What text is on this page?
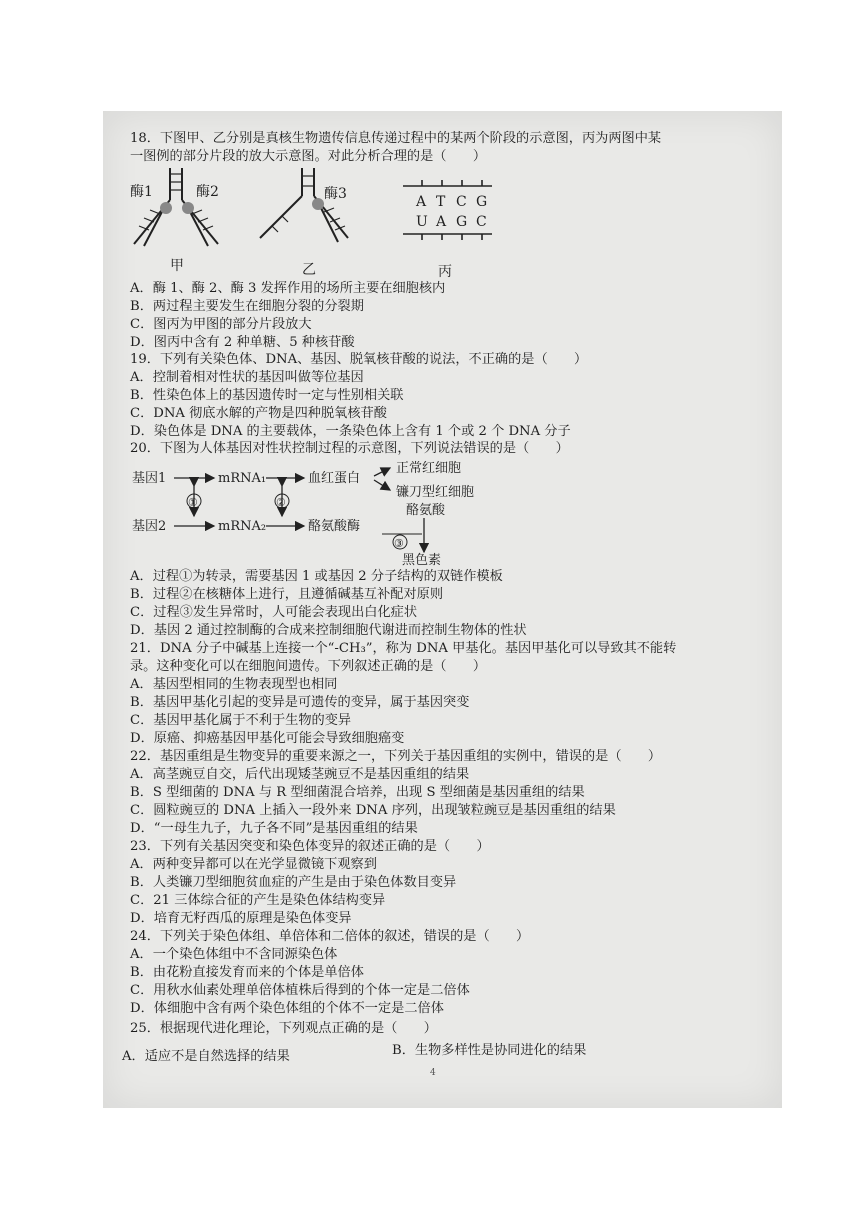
18．下图甲、乙分别是真核生物遗传信息传递过程中的某两个阶段的示意图，丙为两图中某
一图例的部分片段的放大示意图。对此分析合理的是（　　）
酶1	酶2
甲
酶3
乙
A T C G
U A G C
丙
A．酶 1、酶 2、酶 3 发挥作用的场所主要在细胞核内
B．两过程主要发生在细胞分裂的分裂期
C．图丙为甲图的部分片段放大
D．图丙中含有 2 种单糖、5 种核苷酸
19．下列有关染色体、DNA、基因、脱氧核苷酸的说法，不正确的是（　　）
A．控制着相对性状的基因叫做等位基因
B．性染色体上的基因遗传时一定与性别相关联
C．DNA 彻底水解的产物是四种脱氧核苷酸
D．染色体是 DNA 的主要载体，一条染色体上含有 1 个或 2 个 DNA 分子
20．下图为人体基因对性状控制过程的示意图，下列说法错误的是（　　）
基因1	mRNA₁	血红蛋白
正常红细胞
镰刀型红细胞
①	②
基因2	mRNA₂	酪氨酸酶
酪氨酸
③
黑色素
A．过程①为转录，需要基因 1 或基因 2 分子结构的双链作模板
B．过程②在核糖体上进行，且遵循碱基互补配对原则
C．过程③发生异常时，人可能会表现出白化症状
D．基因 2 通过控制酶的合成来控制细胞代谢进而控制生物体的性状
21．DNA 分子中碱基上连接一个“-CH₃”，称为 DNA 甲基化。基因甲基化可以导致其不能转
录。这种变化可以在细胞间遗传。下列叙述正确的是（　　）
A．基因型相同的生物表现型也相同
B．基因甲基化引起的变异是可遗传的变异，属于基因突变
C．基因甲基化属于不利于生物的变异
D．原癌、抑癌基因甲基化可能会导致细胞癌变
22．基因重组是生物变异的重要来源之一，下列关于基因重组的实例中，错误的是（　　）
A．高茎豌豆自交，后代出现矮茎豌豆不是基因重组的结果
B．S 型细菌的 DNA 与 R 型细菌混合培养，出现 S 型细菌是基因重组的结果
C．圆粒豌豆的 DNA 上插入一段外来 DNA 序列，出现皱粒豌豆是基因重组的结果
D．“一母生九子，九子各不同”是基因重组的结果
23．下列有关基因突变和染色体变异的叙述正确的是（　　）
A．两种变异都可以在光学显微镜下观察到
B．人类镰刀型细胞贫血症的产生是由于染色体数目变异
C．21 三体综合征的产生是染色体结构变异
D．培育无籽西瓜的原理是染色体变异
24．下列关于染色体组、单倍体和二倍体的叙述，错误的是（　　）
A．一个染色体组中不含同源染色体
B．由花粉直接发育而来的个体是单倍体
C．用秋水仙素处理单倍体植株后得到的个体一定是二倍体
D．体细胞中含有两个染色体组的个体不一定是二倍体
25．根据现代进化理论，下列观点正确的是（　　）
B．生物多样性是协同进化的结果
A．适应不是自然选择的结果
4
